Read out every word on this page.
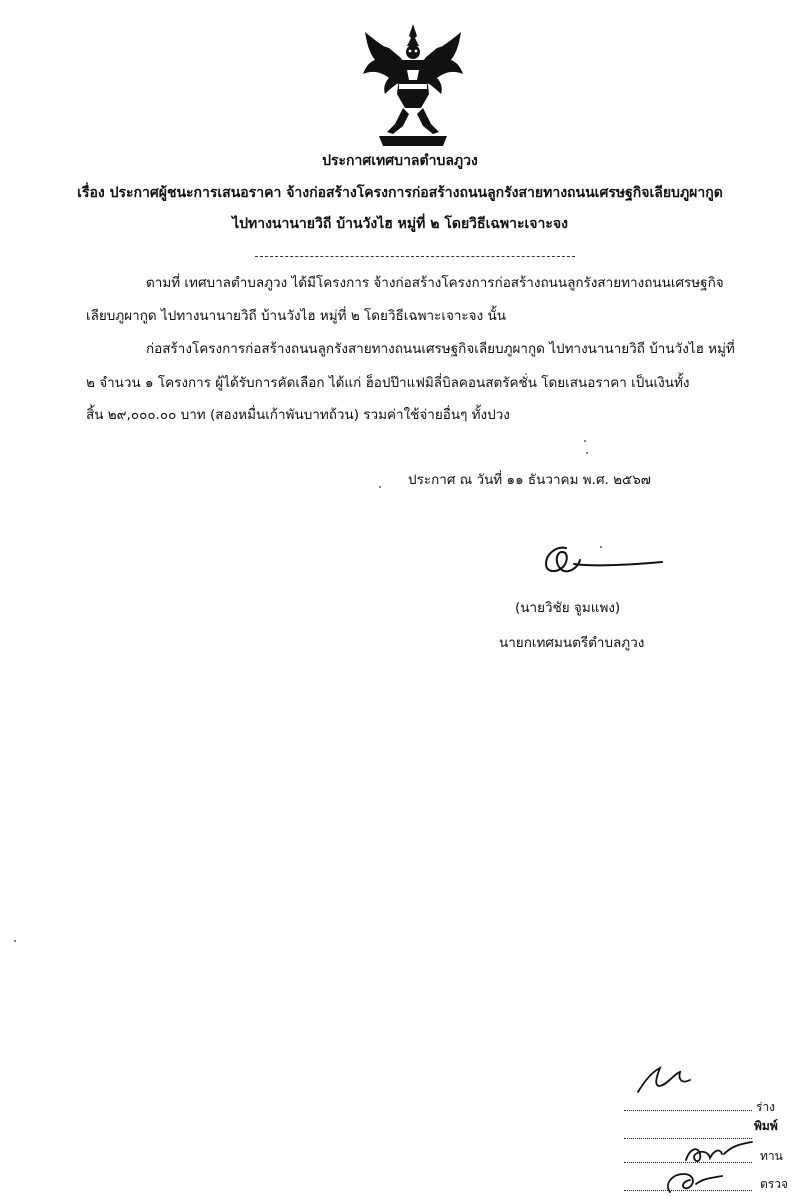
ประกาศเทศบาลตำบลภูวง
เรื่อง ประกาศผู้ชนะการเสนอราคา จ้างก่อสร้างโครงการก่อสร้างถนนลูกรังสายทางถนนเศรษฐกิจเลียบภูผากูด
ไปทางนานายวิถี บ้านวังไฮ หมู่ที่ ๒ โดยวิธีเฉพาะเจาะจง
ตามที่ เทศบาลตำบลภูวง ได้มีโครงการ จ้างก่อสร้างโครงการก่อสร้างถนนลูกรังสายทางถนนเศรษฐกิจ
เลียบภูผากูด ไปทางนานายวิถี บ้านวังไฮ หมู่ที่ ๒ โดยวิธีเฉพาะเจาะจง นั้น
ก่อสร้างโครงการก่อสร้างถนนลูกรังสายทางถนนเศรษฐกิจเลียบภูผากูด ไปทางนานายวิถี บ้านวังไฮ หมู่ที่
๒ จำนวน ๑ โครงการ ผู้ได้รับการคัดเลือก ได้แก่ ฮ็อปป๊าแฟมิลี่บิลคอนสตรัคชั่น โดยเสนอราคา เป็นเงินทั้ง
สิ้น ๒๙,๐๐๐.๐๐ บาท (สองหมื่นเก้าพันบาทถ้วน) รวมค่าใช้จ่ายอื่นๆ ทั้งปวง
ประกาศ ณ วันที่ ๑๑ ธันวาคม พ.ศ. ๒๕๖๗
(นายวิชัย จูมแพง)
นายกเทศมนตรีตำบลภูวง
ร่าง
พิมพ์
ทาน
ตรวจ
